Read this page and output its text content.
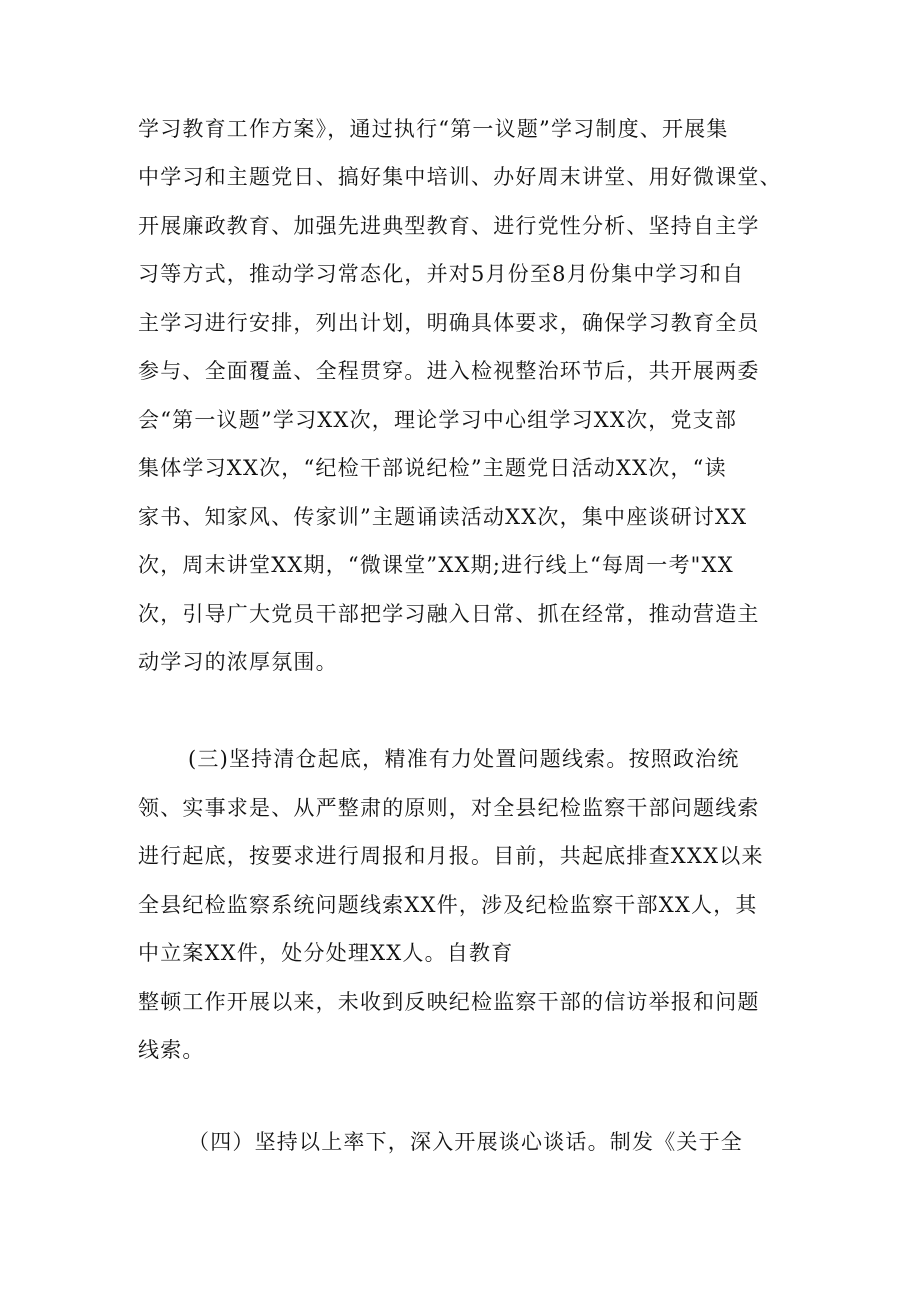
学习教育工作方案》，通过执行“第一议题”学习制度、开展集
中学习和主题党日、搞好集中培训、办好周末讲堂、用好微课堂、
开展廉政教育、加强先进典型教育、进行党性分析、坚持自主学
习等方式，推动学习常态化，并对5月份至8月份集中学习和自
主学习进行安排，列出计划，明确具体要求，确保学习教育全员
参与、全面覆盖、全程贯穿。进入检视整治环节后，共开展两委
会“第一议题”学习XX次，理论学习中心组学习XX次，党支部
集体学习XX次，“纪检干部说纪检”主题党日活动XX次，“读
家书、知家风、传家训”主题诵读活动XX次，集中座谈研讨XX
次，周末讲堂XX期，“微课堂”XX期;进行线上“每周一考"XX
次，引导广大党员干部把学习融入日常、抓在经常，推动营造主
动学习的浓厚氛围。
(三)坚持清仓起底，精准有力处置问题线索。按照政治统
领、实事求是、从严整肃的原则，对全县纪检监察干部问题线索
进行起底，按要求进行周报和月报。目前，共起底排查XXX以来
全县纪检监察系统问题线索XX件，涉及纪检监察干部XX人，其
中立案XX件，处分处理XX人。自教育
整顿工作开展以来，未收到反映纪检监察干部的信访举报和问题
线索。
（四）坚持以上率下，深入开展谈心谈话。制发《关于全
